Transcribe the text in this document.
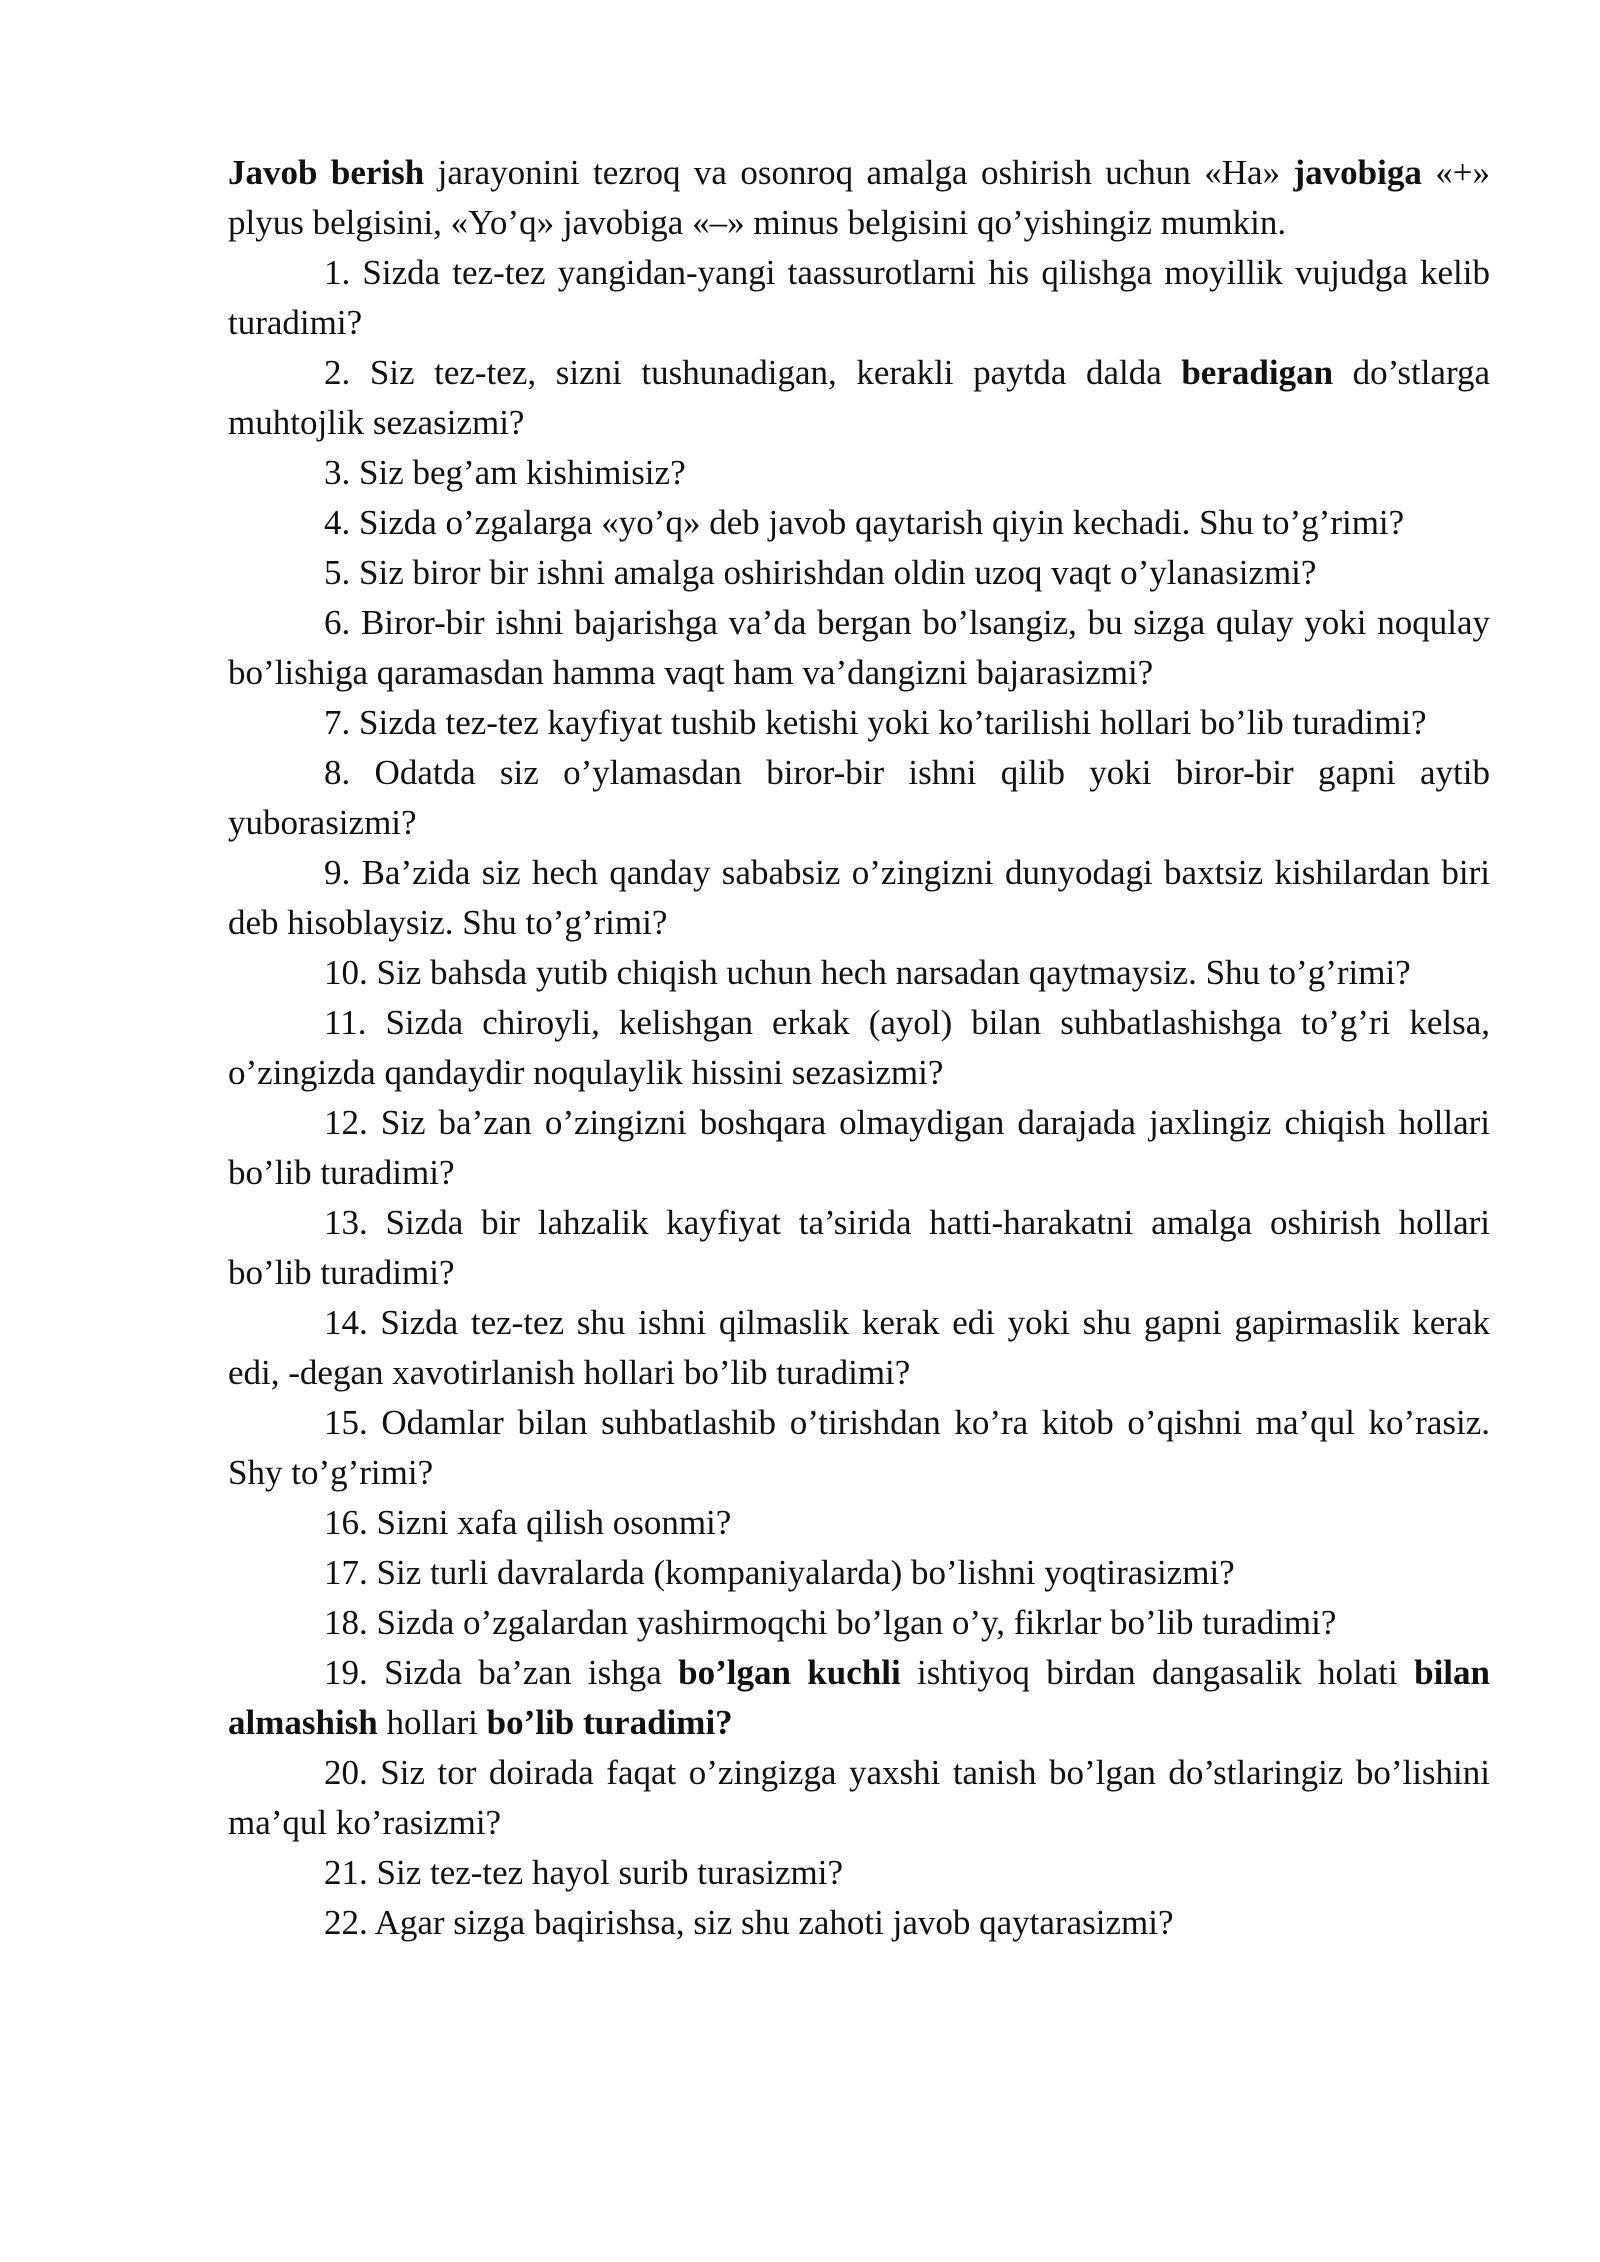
Javob berish jarayonini tezroq va osonroq amalga oshirish uchun «Ha» javobiga «+» plyus belgisini, «Yo’q» javobiga «–» minus belgisini qo’yishingiz mumkin.

1. Sizda tez-tez yangidan-yangi taassurotlarni his qilishga moyillik vujudga kelib turadimi?

2. Siz tez-tez, sizni tushunadigan, kerakli paytda dalda beradigan do’stlarga muhtojlik sezasizmi?

3. Siz beg’am kishimisiz?

4. Sizda o’zgalarga «yo’q» deb javob qaytarish qiyin kechadi. Shu to’g’rimi?

5. Siz biror bir ishni amalga oshirishdan oldin uzoq vaqt o’ylanasizmi?

6. Biror-bir ishni bajarishga va’da bergan bo’lsangiz, bu sizga qulay yoki noqulay bo’lishiga qaramasdan hamma vaqt ham va’dangizni bajarasizmi?

7. Sizda tez-tez kayfiyat tushib ketishi yoki ko’tarilishi hollari bo’lib turadimi?

8. Odatda siz o’ylamasdan biror-bir ishni qilib yoki biror-bir gapni aytib yuborasizmi?

9. Ba’zida siz hech qanday sababsiz o’zingizni dunyodagi baxtsiz kishilardan biri deb hisoblaysiz. Shu to’g’rimi?

10. Siz bahsda yutib chiqish uchun hech narsadan qaytmaysiz. Shu to’g’rimi?

11. Sizda chiroyli, kelishgan erkak (ayol) bilan suhbatlashishga to’g’ri kelsa, o’zingizda qandaydir noqulaylik hissini sezasizmi?

12. Siz ba’zan o’zingizni boshqara olmaydigan darajada jaxlingiz chiqish hollari bo’lib turadimi?

13. Sizda bir lahzalik kayfiyat ta’sirida hatti-harakatni amalga oshirish hollari bo’lib turadimi?

14. Sizda tez-tez shu ishni qilmaslik kerak edi yoki shu gapni gapirmaslik kerak edi, -degan xavotirlanish hollari bo’lib turadimi?

15. Odamlar bilan suhbatlashib o’tirishdan ko’ra kitob o’qishni ma’qul ko’rasiz. Shy to’g’rimi?

16. Sizni xafa qilish osonmi?

17. Siz turli davralarda (kompaniyalarda) bo’lishni yoqtirasizmi?

18. Sizda o’zgalardan yashirmoqchi bo’lgan o’y, fikrlar bo’lib turadimi?

19. Sizda ba’zan ishga bo’lgan kuchli ishtiyoq birdan dangasalik holati bilan almashish hollari bo’lib turadimi?

20. Siz tor doirada faqat o’zingizga yaxshi tanish bo’lgan do’stlaringiz bo’lishini ma’qul ko’rasizmi?

21. Siz tez-tez hayol surib turasizmi?

22. Agar sizga baqirishsa, siz shu zahoti javob qaytarasizmi?
